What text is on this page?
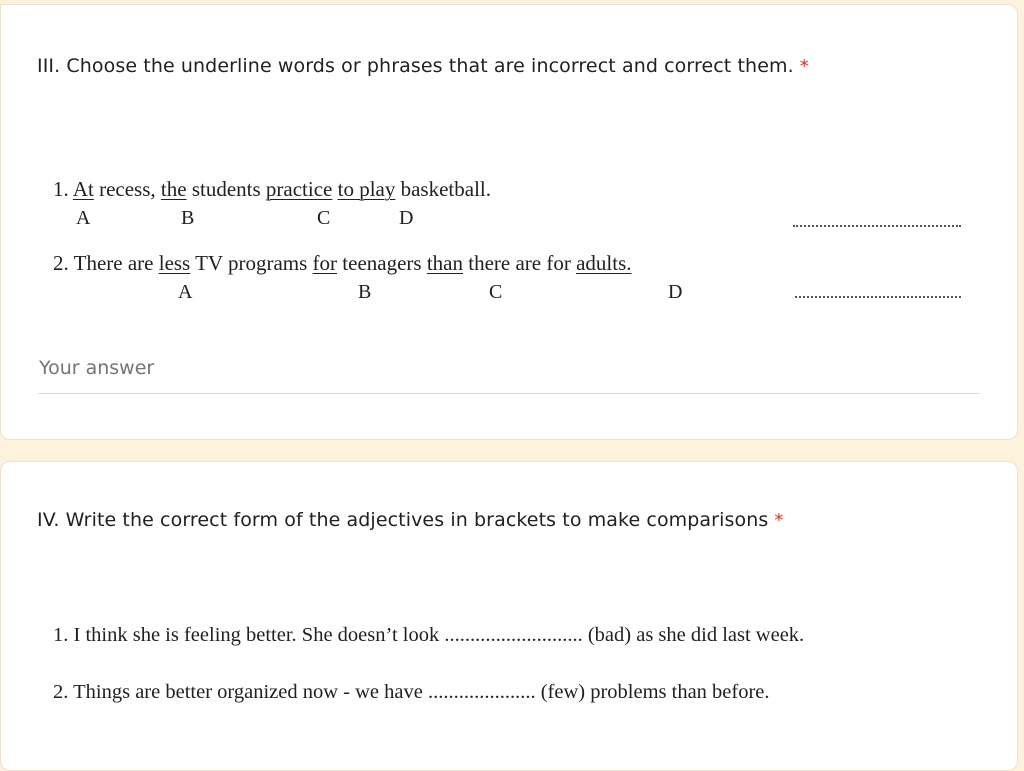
III. Choose the underline words or phrases that are incorrect and correct them. *
1. At recess, the students practice to play basketball.
A	B	C	D
2. There are less TV programs for teenagers than there are for adults.
A	B	C	D
Your answer
IV. Write the correct form of the adjectives in brackets to make comparisons *
1. I think she is feeling better. She doesn’t look ........................... (bad) as she did last week.
2. Things are better organized now - we have ..................... (few) problems than before.
